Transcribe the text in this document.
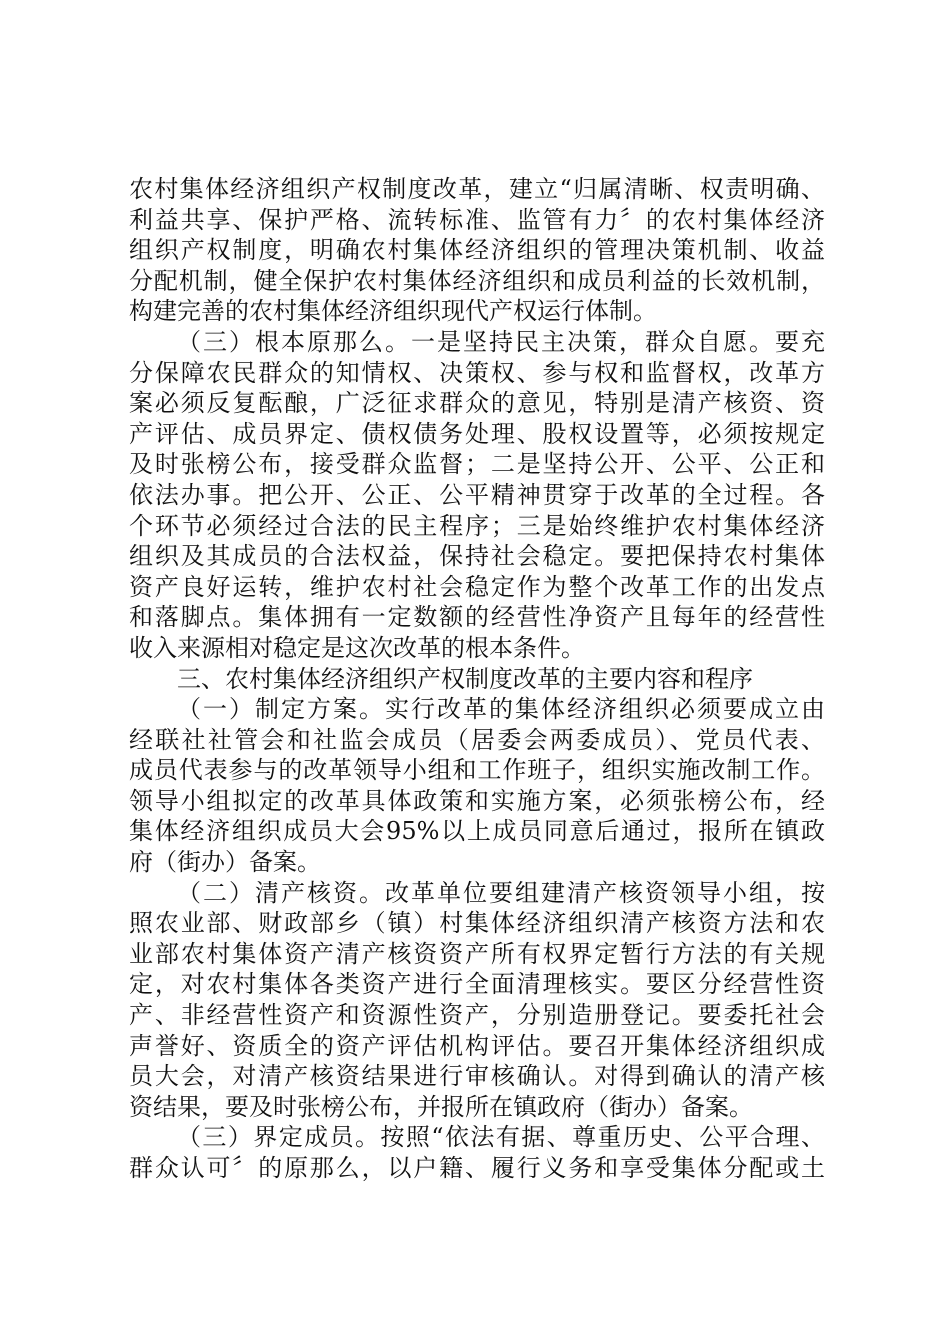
农村集体经济组织产权制度改革，建立“归属清晰、权责明确、
利益共享、保护严格、流转标准、监管有力〞的农村集体经济
组织产权制度，明确农村集体经济组织的管理决策机制、收益
分配机制，健全保护农村集体经济组织和成员利益的长效机制，
构建完善的农村集体经济组织现代产权运行体制。
（三）根本原那么。一是坚持民主决策，群众自愿。要充
分保障农民群众的知情权、决策权、参与权和监督权，改革方
案必须反复酝酿，广泛征求群众的意见，特别是清产核资、资
产评估、成员界定、债权债务处理、股权设置等，必须按规定
及时张榜公布，接受群众监督；二是坚持公开、公平、公正和
依法办事。把公开、公正、公平精神贯穿于改革的全过程。各
个环节必须经过合法的民主程序；三是始终维护农村集体经济
组织及其成员的合法权益，保持社会稳定。要把保持农村集体
资产良好运转，维护农村社会稳定作为整个改革工作的出发点
和落脚点。集体拥有一定数额的经营性净资产且每年的经营性
收入来源相对稳定是这次改革的根本条件。
三、农村集体经济组织产权制度改革的主要内容和程序
（一）制定方案。实行改革的集体经济组织必须要成立由
经联社社管会和社监会成员（居委会两委成员）、党员代表、
成员代表参与的改革领导小组和工作班子，组织实施改制工作。
领导小组拟定的改革具体政策和实施方案，必须张榜公布，经
集体经济组织成员大会95%以上成员同意后通过，报所在镇政
府（街办）备案。
（二）清产核资。改革单位要组建清产核资领导小组，按
照农业部、财政部乡（镇）村集体经济组织清产核资方法和农
业部农村集体资产清产核资资产所有权界定暂行方法的有关规
定，对农村集体各类资产进行全面清理核实。要区分经营性资
产、非经营性资产和资源性资产，分别造册登记。要委托社会
声誉好、资质全的资产评估机构评估。要召开集体经济组织成
员大会，对清产核资结果进行审核确认。对得到确认的清产核
资结果，要及时张榜公布，并报所在镇政府（街办）备案。
（三）界定成员。按照“依法有据、尊重历史、公平合理、
群众认可〞的原那么，以户籍、履行义务和享受集体分配或土
